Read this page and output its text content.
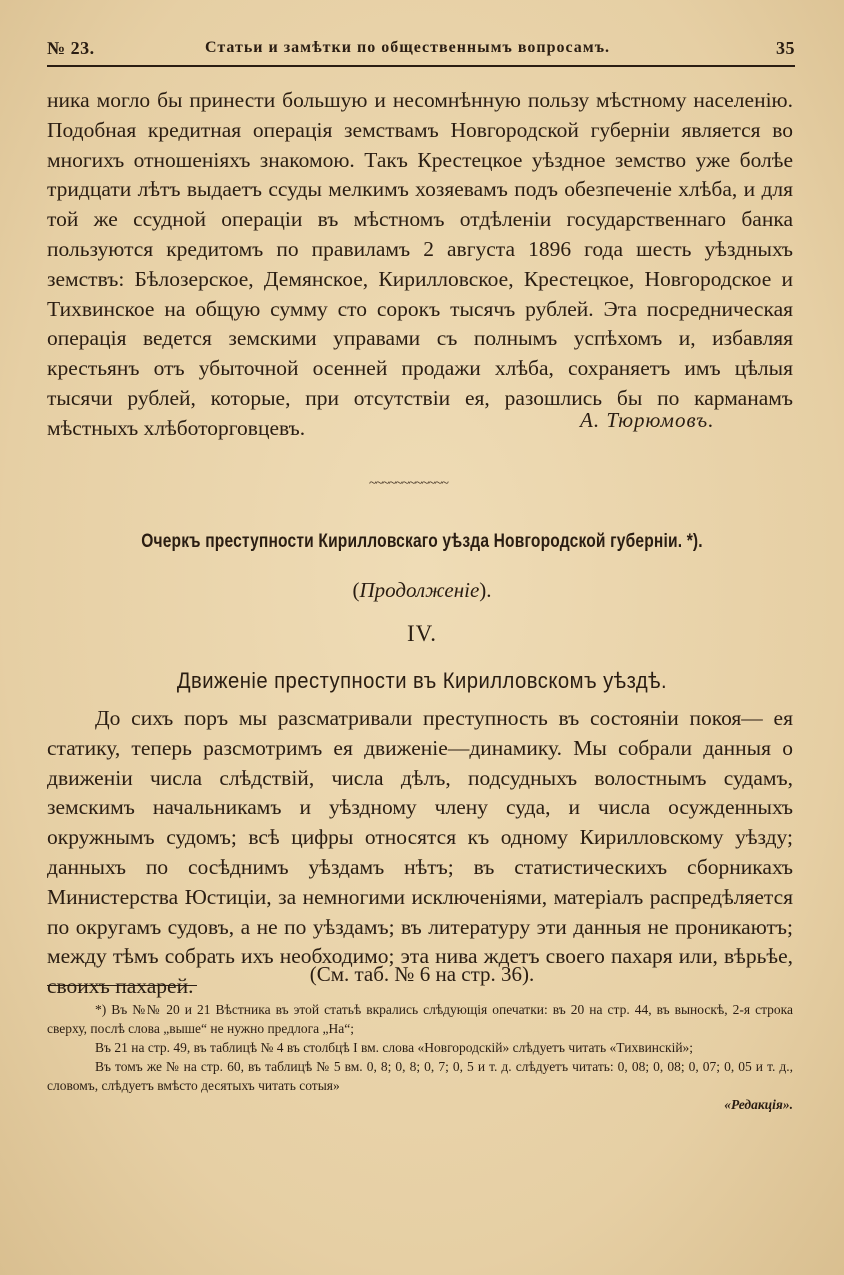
№ 23.	Статьи и замѣтки по общественнымъ вопросамъ.	35

ника могло бы принести большую и несомнѣнную пользу мѣстному населенію. Подобная кредитная операція земствамъ Новгородской губерніи является во многихъ отношеніяхъ знакомою. Такъ Крестецкое уѣздное земство уже болѣе тридцати лѣтъ выдаетъ ссуды мелкимъ хозяевамъ подъ обезпеченіе хлѣба, и для той же ссудной операціи въ мѣстномъ отдѣленіи государственнаго банка пользуются кредитомъ по правиламъ 2 августа 1896 года шесть уѣздныхъ земствъ: Бѣлозерское, Демянское, Кирилловское, Крестецкое, Новгородское и Тихвинское на общую сумму сто сорокъ тысячъ рублей. Эта посредническая операція ведется земскими управами съ полнымъ успѣхомъ и, избавляя крестьянъ отъ убыточной осенней продажи хлѣба, сохраняетъ имъ цѣлыя тысячи рублей, которые, при отсутствіи ея, разошлись бы по карманамъ мѣстныхъ хлѣботорговцевъ.	А. Тюрюмовъ.
~~~~~~~~~~~~
Очеркъ преступности Кирилловскаго уѣзда Новгородской губерніи. *).
(Продолженіе).
IV.
Движеніе преступности въ Кирилловскомъ уѣздѣ.

До сихъ поръ мы разсматривали преступность въ состояніи покоя— ея статику, теперь разсмотримъ ея движеніе—динамику. Мы собрали данныя о движеніи числа слѣдствій, числа дѣлъ, подсудныхъ волостнымъ судамъ, земскимъ начальникамъ и уѣздному члену суда, и числа осужденныхъ окружнымъ судомъ; всѣ цифры относятся къ одному Кирилловскому уѣзду; данныхъ по сосѣднимъ уѣздамъ нѣтъ; въ статистическихъ сборникахъ Министерства Юстиціи, за немногими исключеніями, матеріалъ распредѣляется по округамъ судовъ, а не по уѣздамъ; въ литературу эти данныя не проникаютъ; между тѣмъ собрать ихъ необходимо; эта нива ждетъ своего пахаря или, вѣрьѣе, своихъ пахарей.

(См. таб. № 6 на стр. 36).

*) Въ №№ 20 и 21 Вѣстника въ этой статьѣ вкрались слѣдующія опечатки: въ 20 на стр. 44, въ выноскѣ, 2-я строка сверху, послѣ слова „выше“ не нужно предлога „На“;

Въ 21 на стр. 49, въ таблицѣ № 4 въ столбцѣ I вм. слова «Новгородскій» слѣдуетъ читать «Тихвинскій»;

Въ томъ же № на стр. 60, въ таблицѣ № 5 вм. 0, 8; 0, 8; 0, 7; 0, 5 и т. д. слѣдуетъ читать: 0, 08; 0, 08; 0, 07; 0, 05 и т. д., словомъ, слѣдуетъ вмѣсто десятыхъ читать сотыя»

«Редакція».
